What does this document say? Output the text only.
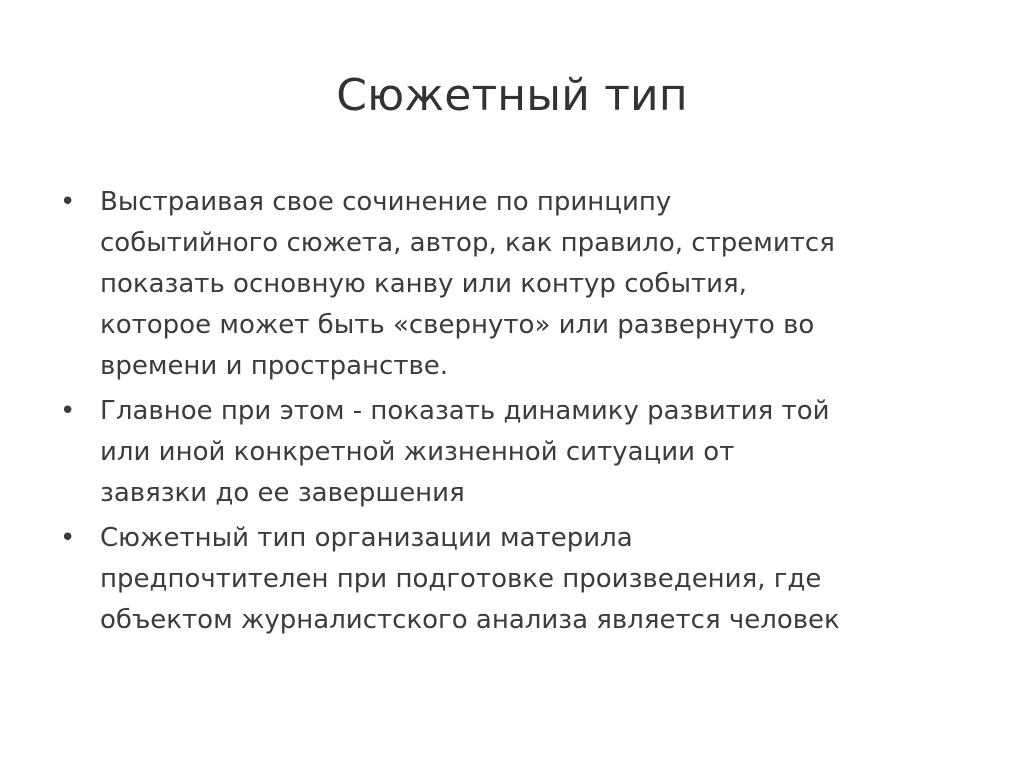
Сюжетный тип
• Выстраивая свое сочинение по принципу
событийного сюжета, автор, как правило, стремится
показать основную канву или контур события,
которое может быть «свернуто» или развернуто во
времени и пространстве.
• Главное при этом - показать динамику развития той
или иной конкретной жизненной ситуации от
завязки до ее завершения
• Сюжетный тип организации материла
предпочтителен при подготовке произведения, где
объектом журналистского анализа является человек
